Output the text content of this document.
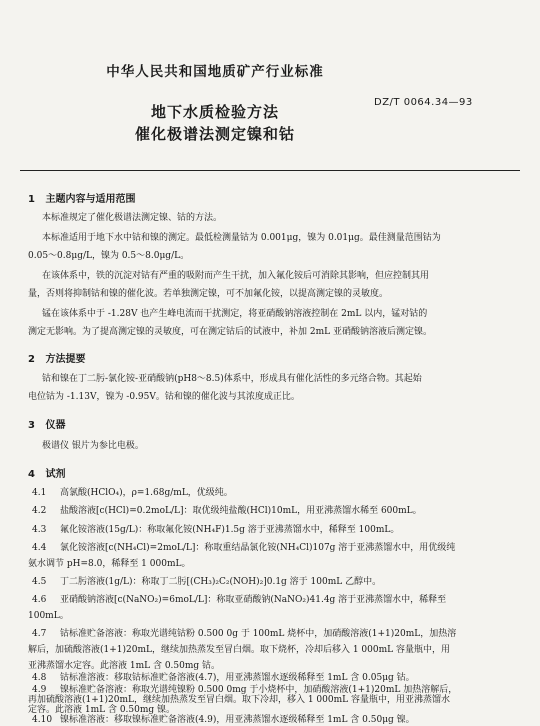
中华人民共和国地质矿产行业标准
地下水质检验方法
催化极谱法测定镍和钴
DZ/T 0064.34—93
1 主题内容与适用范围
本标准规定了催化极谱法测定镍、钴的方法。
本标准适用于地下水中钴和镍的测定。最低检测量钴为 0.001μg，镍为 0.01μg。最佳测量范围钴为
0.05～0.8μg/L，镍为 0.5～8.0μg/L。
在该体系中，铁的沉淀对钴有严重的吸附而产生干扰，加入氟化铵后可消除其影响，但应控制其用
量，否则将抑制钴和镍的催化波。若单独测定镍，可不加氟化铵，以提高测定镍的灵敏度。
锰在该体系中于 -1.28V 也产生峰电流而干扰测定，将亚硝酸钠溶液控制在 2mL 以内，锰对钴的
测定无影响。为了提高测定镍的灵敏度，可在测定钴后的试液中，补加 2mL 亚硝酸钠溶液后测定镍。
2 方法提要
钴和镍在丁二肟-氯化铵-亚硝酸钠(pH8～8.5)体系中，形成具有催化活性的多元络合物。其起始
电位钴为 -1.13V，镍为 -0.95V。钴和镍的催化波与其浓度成正比。
3 仪器
极谱仪 银片为参比电极。
4 试剂
4.1 高氯酸(HClO₄)，ρ=1.68g/mL，优级纯。
4.2 盐酸溶液[c(HCl)=0.2moL/L]：取优级纯盐酸(HCl)10mL，用亚沸蒸馏水稀至 600mL。
4.3 氟化铵溶液(15g/L)：称取氟化铵(NH₄F)1.5g 溶于亚沸蒸馏水中，稀释至 100mL。
4.4 氯化铵溶液[c(NH₄Cl)=2moL/L]：称取重结晶氯化铵(NH₄Cl)107g 溶于亚沸蒸馏水中，用优级纯
氨水调节 pH=8.0，稀释至 1 000mL。
4.5 丁二肟溶液(1g/L)：称取丁二肟[(CH₃)₂C₂(NOH)₂]0.1g 溶于 100mL 乙醇中。
4.6 亚硝酸钠溶液[c(NaNO₂)=6moL/L]：称取亚硝酸钠(NaNO₂)41.4g 溶于亚沸蒸馏水中，稀释至
100mL。
4.7 钴标准贮备溶液：称取光谱纯钴粉 0.500 0g 于 100mL 烧杯中，加硝酸溶液(1+1)20mL，加热溶
解后，加硫酸溶液(1+1)20mL，继续加热蒸发至冒白烟。取下烧杯，冷却后移入 1 000mL 容量瓶中，用
亚沸蒸馏水定容。此溶液 1mL 含 0.50mg 钴。
4.8 钴标准溶液：移取钴标准贮备溶液(4.7)，用亚沸蒸馏水逐级稀释至 1mL 含 0.05μg 钴。
4.9 镍标准贮备溶液：称取光谱纯镍粉 0.500 0mg 于小烧杯中，加硝酸溶液(1+1)20mL 加热溶解后，
再加硫酸溶液(1+1)20mL，继续加热蒸发至冒白烟。取下冷却，移入 1 000mL 容量瓶中，用亚沸蒸馏水
定容。此溶液 1mL 含 0.50mg 镍。
4.10 镍标准溶液：移取镍标准贮备溶液(4.9)，用亚沸蒸馏水逐级稀释至 1mL 含 0.50μg 镍。
